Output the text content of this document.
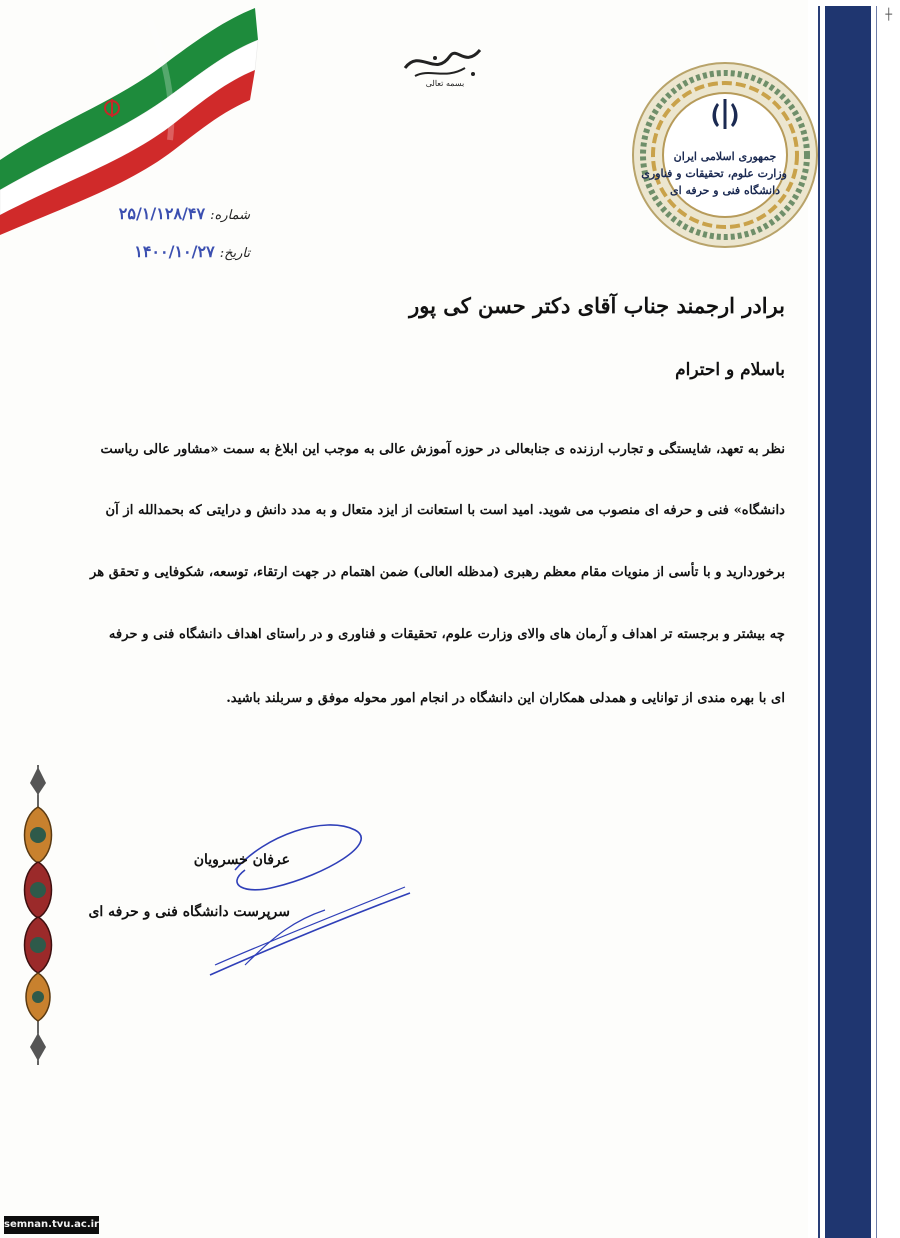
┼
بسمه تعالی
جمهوری اسلامی ایران
وزارت علوم، تحقیقات و فناوری
دانشگاه فنی و حرفه ای
شماره: ۲۵/۱/۱۲۸/۴۷
تاریخ: ۱۴۰۰/۱۰/۲۷
برادر ارجمند جناب آقای دکتر حسن کی پور
باسلام و احترام
نظر به تعهد، شایستگی و تجارب ارزنده ی جنابعالی در حوزه آموزش عالی به موجب این ابلاغ به سمت «مشاور عالی ریاست
دانشگاه» فنی و حرفه ای منصوب می شوید. امید است با استعانت از ایزد متعال و به مدد دانش و درایتی که بحمدالله از آن
برخوردارید و با تأسی از منویات مقام معظم رهبری (مدظله العالی) ضمن اهتمام در جهت ارتقاء، توسعه، شکوفایی و تحقق هر
چه بیشتر و برجسته تر اهداف و آرمان های والای وزارت علوم، تحقیقات و فناوری و در راستای اهداف دانشگاه فنی و حرفه
ای با بهره مندی از توانایی و همدلی همکاران این دانشگاه در انجام امور محوله موفق و سربلند باشید.
عرفان خسرویان
سرپرست دانشگاه فنی و حرفه ای
semnan.tvu.ac.ir
